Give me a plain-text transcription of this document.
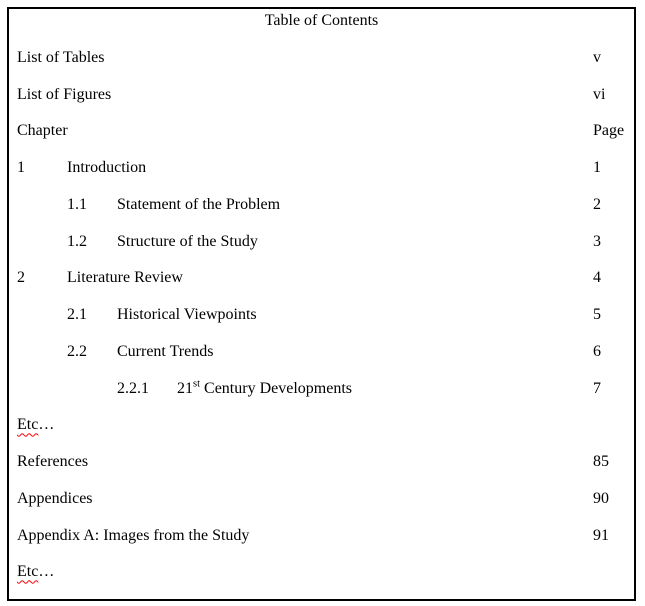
Table of Contents
List of Tables	v
List of Figures	vi
Chapter	Page
1	Introduction	1
1.1 Statement of the Problem	2
1.2 Structure of the Study	3
2	Literature Review	4
2.1 Historical Viewpoints	5
2.2 Current Trends	6
2.2.1 21st Century Developments	7
Etc…
References	85
Appendices	90
Appendix A: Images from the Study	91
Etc…
